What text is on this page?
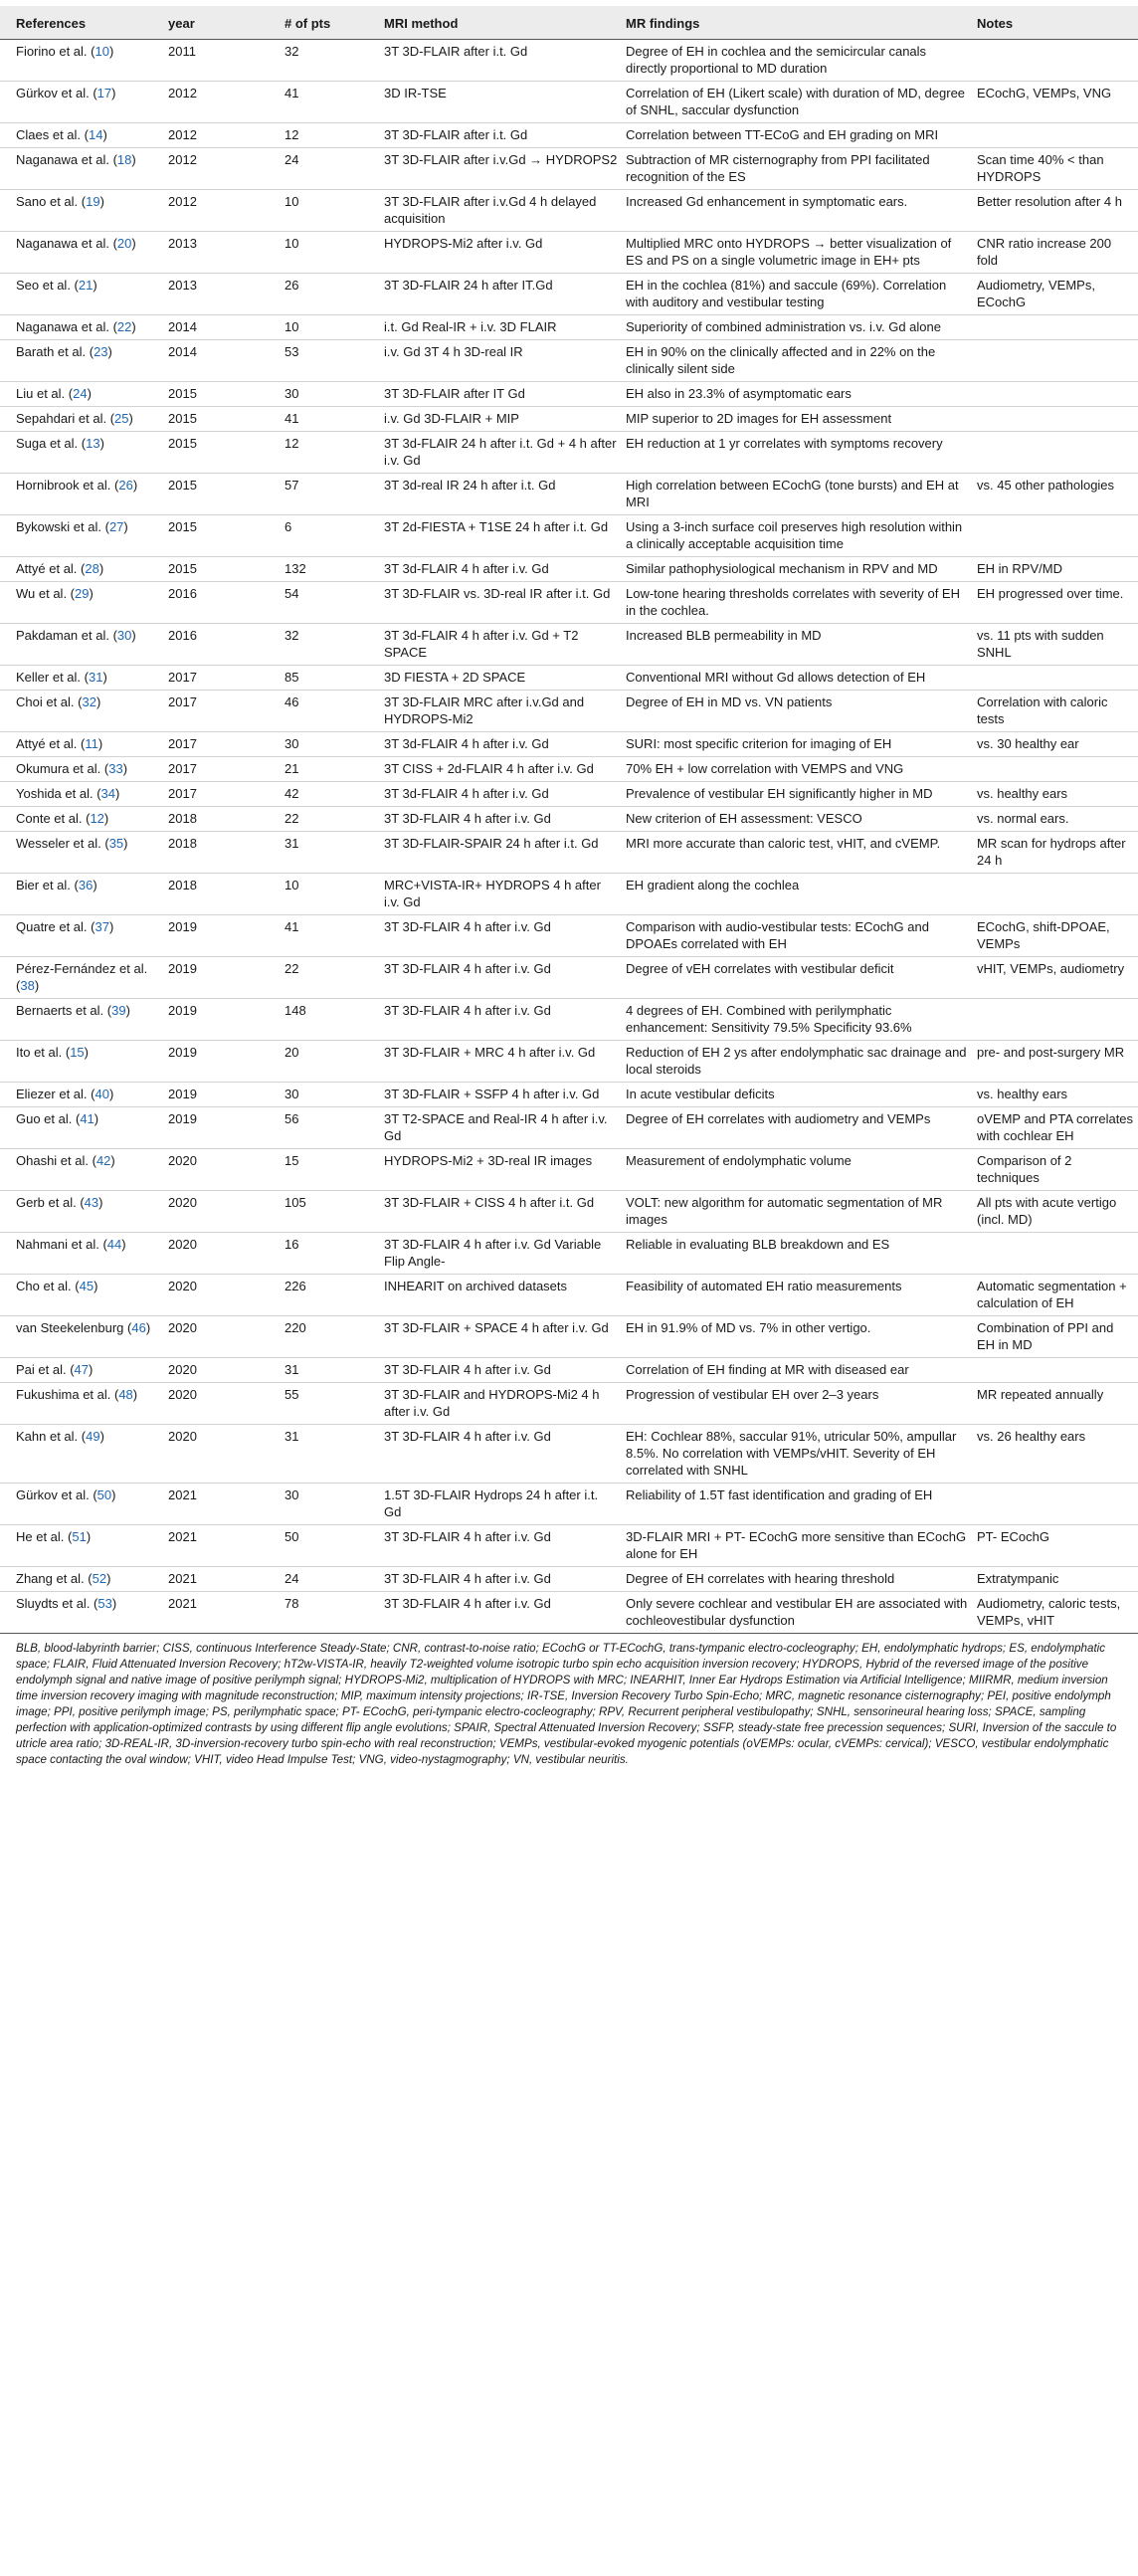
References	year	# of pts	MRI method	MR findings	Notes
Fiorino et al. (10)	2011	32	3T 3D-FLAIR after i.t. Gd	Degree of EH in cochlea and the semicircular canals directly proportional to MD duration	
Gürkov et al. (17)	2012	41	3D IR-TSE	Correlation of EH (Likert scale) with duration of MD, degree of SNHL, saccular dysfunction	ECochG, VEMPs, VNG
Claes et al. (14)	2012	12	3T 3D-FLAIR after i.t. Gd	Correlation between TT-ECoG and EH grading on MRI	
Naganawa et al. (18)	2012	24	3T 3D-FLAIR after i.v.Gd → HYDROPS2	Subtraction of MR cisternography from PPI facilitated recognition of the ES	Scan time 40% < than HYDROPS
Sano et al. (19)	2012	10	3T 3D-FLAIR after i.v.Gd 4 h delayed acquisition	Increased Gd enhancement in symptomatic ears.	Better resolution after 4 h
Naganawa et al. (20)	2013	10	HYDROPS-Mi2 after i.v. Gd	Multiplied MRC onto HYDROPS → better visualization of ES and PS on a single volumetric image in EH+ pts	CNR ratio increase 200 fold
Seo et al. (21)	2013	26	3T 3D-FLAIR 24 h after IT.Gd	EH in the cochlea (81%) and saccule (69%). Correlation with auditory and vestibular testing	Audiometry, VEMPs, ECochG
Naganawa et al. (22)	2014	10	i.t. Gd Real-IR + i.v. 3D FLAIR	Superiority of combined administration vs. i.v. Gd alone	
Barath et al. (23)	2014	53	i.v. Gd 3T 4 h 3D-real IR	EH in 90% on the clinically affected and in 22% on the clinically silent side	
Liu et al. (24)	2015	30	3T 3D-FLAIR after IT Gd	EH also in 23.3% of asymptomatic ears	
Sepahdari et al. (25)	2015	41	i.v. Gd 3D-FLAIR + MIP	MIP superior to 2D images for EH assessment	
Suga et al. (13)	2015	12	3T 3d-FLAIR 24 h after i.t. Gd + 4 h after i.v. Gd	EH reduction at 1 yr correlates with symptoms recovery	
Hornibrook et al. (26)	2015	57	3T 3d-real IR 24 h after i.t. Gd	High correlation between ECochG (tone bursts) and EH at MRI	vs. 45 other pathologies
Bykowski et al. (27)	2015	6	3T 2d-FIESTA + T1SE 24 h after i.t. Gd	Using a 3-inch surface coil preserves high resolution within a clinically acceptable acquisition time	
Attyé et al. (28)	2015	132	3T 3d-FLAIR 4 h after i.v. Gd	Similar pathophysiological mechanism in RPV and MD	EH in RPV/MD
Wu et al. (29)	2016	54	3T 3D-FLAIR vs. 3D-real IR after i.t. Gd	Low-tone hearing thresholds correlates with severity of EH in the cochlea.	EH progressed over time.
Pakdaman et al. (30)	2016	32	3T 3d-FLAIR 4 h after i.v. Gd + T2 SPACE	Increased BLB permeability in MD	vs. 11 pts with sudden SNHL
Keller et al. (31)	2017	85	3D FIESTA + 2D SPACE	Conventional MRI without Gd allows detection of EH	
Choi et al. (32)	2017	46	3T 3D-FLAIR MRC after i.v.Gd and HYDROPS-Mi2	Degree of EH in MD vs. VN patients	Correlation with caloric tests
Attyé et al. (11)	2017	30	3T 3d-FLAIR 4 h after i.v. Gd	SURI: most specific criterion for imaging of EH	vs. 30 healthy ear
Okumura et al. (33)	2017	21	3T CISS + 2d-FLAIR 4 h after i.v. Gd	70% EH + low correlation with VEMPS and VNG	
Yoshida et al. (34)	2017	42	3T 3d-FLAIR 4 h after i.v. Gd	Prevalence of vestibular EH significantly higher in MD	vs. healthy ears
Conte et al. (12)	2018	22	3T 3D-FLAIR 4 h after i.v. Gd	New criterion of EH assessment: VESCO	vs. normal ears.
Wesseler et al. (35)	2018	31	3T 3D-FLAIR-SPAIR 24 h after i.t. Gd	MRI more accurate than caloric test, vHIT, and cVEMP.	MR scan for hydrops after 24 h
Bier et al. (36)	2018	10	MRC+VISTA-IR+ HYDROPS 4 h after i.v. Gd	EH gradient along the cochlea	
Quatre et al. (37)	2019	41	3T 3D-FLAIR 4 h after i.v. Gd	Comparison with audio-vestibular tests: ECochG and DPOAEs correlated with EH	ECochG, shift-DPOAE, VEMPs
Pérez-Fernández et al. (38)	2019	22	3T 3D-FLAIR 4 h after i.v. Gd	Degree of vEH correlates with vestibular deficit	vHIT, VEMPs, audiometry
Bernaerts et al. (39)	2019	148	3T 3D-FLAIR 4 h after i.v. Gd	4 degrees of EH. Combined with perilymphatic enhancement: Sensitivity 79.5% Specificity 93.6%	
Ito et al. (15)	2019	20	3T 3D-FLAIR + MRC 4 h after i.v. Gd	Reduction of EH 2 ys after endolymphatic sac drainage and local steroids	pre- and post-surgery MR
Eliezer et al. (40)	2019	30	3T 3D-FLAIR + SSFP 4 h after i.v. Gd	In acute vestibular deficits	vs. healthy ears
Guo et al. (41)	2019	56	3T T2-SPACE and Real-IR 4 h after i.v. Gd	Degree of EH correlates with audiometry and VEMPs	oVEMP and PTA correlates with cochlear EH
Ohashi et al. (42)	2020	15	HYDROPS-Mi2 + 3D-real IR images	Measurement of endolymphatic volume	Comparison of 2 techniques
Gerb et al. (43)	2020	105	3T 3D-FLAIR + CISS 4 h after i.t. Gd	VOLT: new algorithm for automatic segmentation of MR images	All pts with acute vertigo (incl. MD)
Nahmani et al. (44)	2020	16	3T 3D-FLAIR 4 h after i.v. Gd Variable Flip Angle-	Reliable in evaluating BLB breakdown and ES	
Cho et al. (45)	2020	226	INHEARIT on archived datasets	Feasibility of automated EH ratio measurements	Automatic segmentation + calculation of EH
van Steekelenburg (46)	2020	220	3T 3D-FLAIR + SPACE 4 h after i.v. Gd	EH in 91.9% of MD vs. 7% in other vertigo.	Combination of PPI and EH in MD
Pai et al. (47)	2020	31	3T 3D-FLAIR 4 h after i.v. Gd	Correlation of EH finding at MR with diseased ear	
Fukushima et al. (48)	2020	55	3T 3D-FLAIR and HYDROPS-Mi2 4 h after i.v. Gd	Progression of vestibular EH over 2–3 years	MR repeated annually
Kahn et al. (49)	2020	31	3T 3D-FLAIR 4 h after i.v. Gd	EH: Cochlear 88%, saccular 91%, utricular 50%, ampullar 8.5%. No correlation with VEMPs/vHIT. Severity of EH correlated with SNHL	vs. 26 healthy ears
Gürkov et al. (50)	2021	30	1.5T 3D-FLAIR Hydrops 24 h after i.t. Gd	Reliability of 1.5T fast identification and grading of EH	
He et al. (51)	2021	50	3T 3D-FLAIR 4 h after i.v. Gd	3D-FLAIR MRI + PT- ECochG more sensitive than ECochG alone for EH	PT- ECochG
Zhang et al. (52)	2021	24	3T 3D-FLAIR 4 h after i.v. Gd	Degree of EH correlates with hearing threshold	Extratympanic
Sluydts et al. (53)	2021	78	3T 3D-FLAIR 4 h after i.v. Gd	Only severe cochlear and vestibular EH are associated with cochleovestibular dysfunction	Audiometry, caloric tests, VEMPs, vHIT
BLB, blood-labyrinth barrier; CISS, continuous Interference Steady-State; CNR, contrast-to-noise ratio; ECochG or TT-ECochG, trans-tympanic electro-cocleography; EH, endolymphatic hydrops; ES, endolymphatic space; FLAIR, Fluid Attenuated Inversion Recovery; hT2w-VISTA-IR, heavily T2-weighted volume isotropic turbo spin echo acquisition inversion recovery; HYDROPS, Hybrid of the reversed image of the positive endolymph signal and native image of positive perilymph signal; HYDROPS-Mi2, multiplication of HYDROPS with MRC; INEARHIT, Inner Ear Hydrops Estimation via Artificial Intelligence; MIIRMR, medium inversion time inversion recovery imaging with magnitude reconstruction; MIP, maximum intensity projections; IR-TSE, Inversion Recovery Turbo Spin-Echo; MRC, magnetic resonance cisternography; PEI, positive endolymph image; PPI, positive perilymph image; PS, perilymphatic space; PT- ECochG, peri-tympanic electro-cocleography; RPV, Recurrent peripheral vestibulopathy; SNHL, sensorineural hearing loss; SPACE, sampling perfection with application-optimized contrasts by using different flip angle evolutions; SPAIR, Spectral Attenuated Inversion Recovery; SSFP, steady-state free precession sequences; SURI, Inversion of the saccule to utricle area ratio; 3D-REAL-IR, 3D-inversion-recovery turbo spin-echo with real reconstruction; VEMPs, vestibular-evoked myogenic potentials (oVEMPs: ocular, cVEMPs: cervical); VESCO, vestibular endolymphatic space contacting the oval window; VHIT, video Head Impulse Test; VNG, video-nystagmography; VN, vestibular neuritis.
